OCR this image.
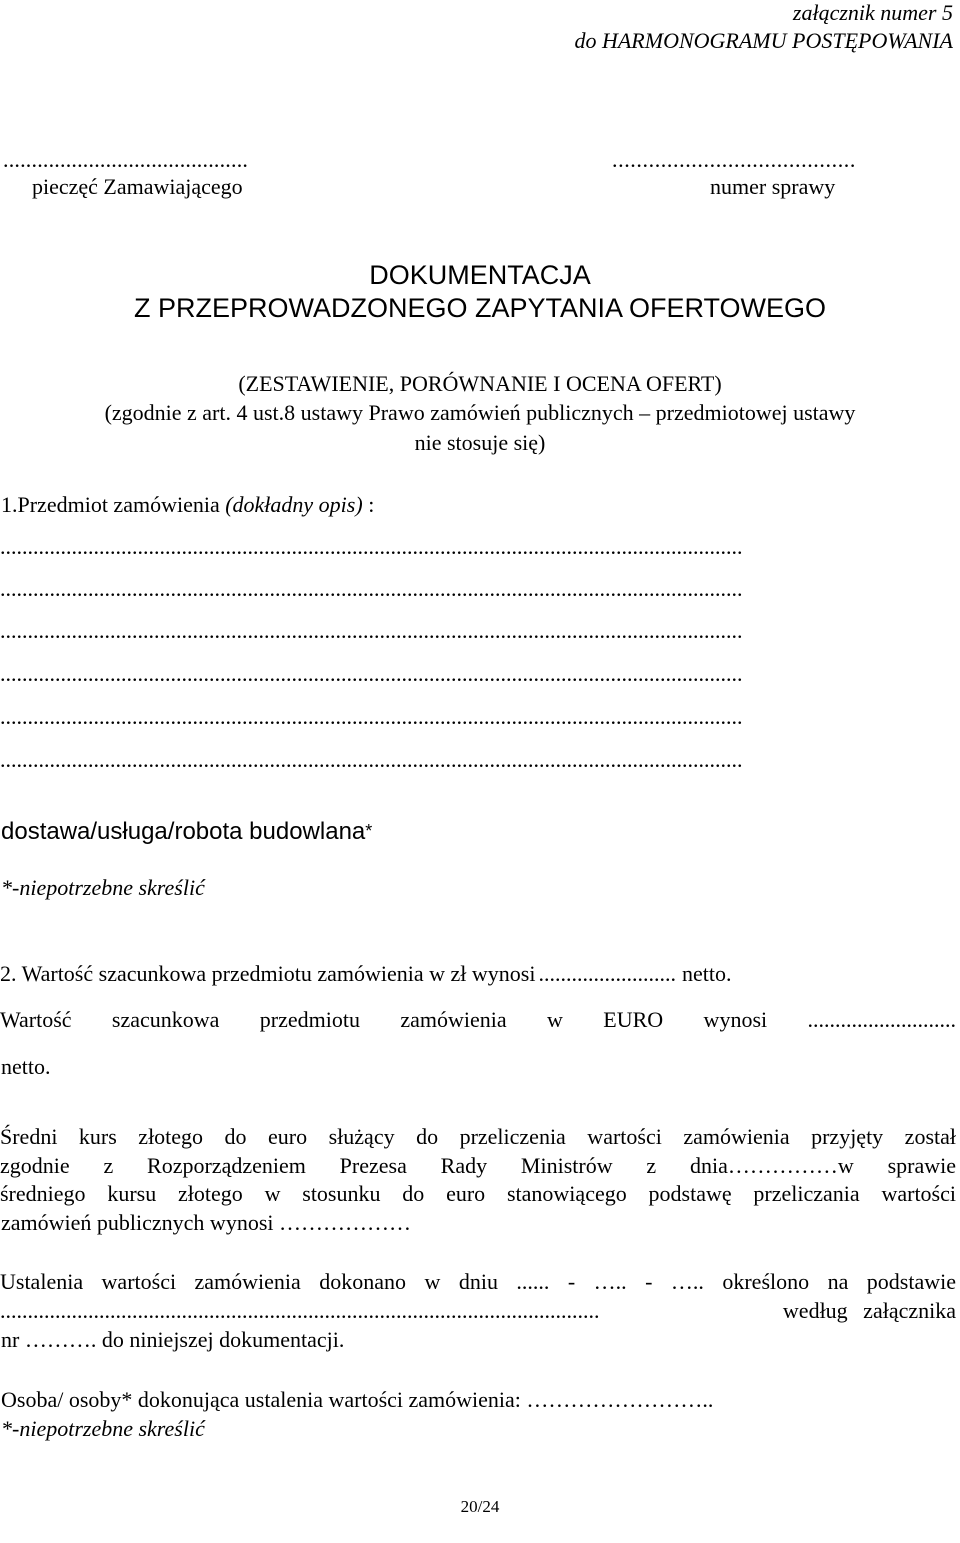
załącznik numer 5
do HARMONOGRAMU POSTĘPOWANIA
...........................................	........................................
pieczęć Zamawiającego	numer sprawy
DOKUMENTACJA
Z PRZEPROWADZONEGO ZAPYTANIA OFERTOWEGO
(ZESTAWIENIE, PORÓWNANIE I OCENA OFERT)
(zgodnie z art. 4 ust.8 ustawy Prawo zamówień publicznych – przedmiotowej ustawy
nie stosuje się)
1.Przedmiot zamówienia (dokładny opis) :
.......................................................................................................................................
.......................................................................................................................................
.......................................................................................................................................
.......................................................................................................................................
.......................................................................................................................................
.......................................................................................................................................
dostawa/usługa/robota budowlana*
*-niepotrzebne skreślić
2. Wartość szacunkowa przedmiotu zamówienia w zł wynosi ......................... netto.
Wartość szacunkowa przedmiotu zamówienia w EURO wynosi ...........................
netto.
Średni kurs złotego do euro służący do przeliczenia wartości zamówienia przyjęty został
zgodnie z Rozporządzeniem Prezesa Rady Ministrów z dnia……………w sprawie
średniego kursu złotego w stosunku do euro stanowiącego podstawę przeliczania wartości
zamówień publicznych wynosi ………………
Ustalenia wartości zamówienia dokonano w dniu ...... - ….. - ….. określono na podstawie
.............................................................................................................	według załącznika
nr ………. do niniejszej dokumentacji.
Osoba/ osoby* dokonująca ustalenia wartości zamówienia: ……………………..
*-niepotrzebne skreślić
20/24
